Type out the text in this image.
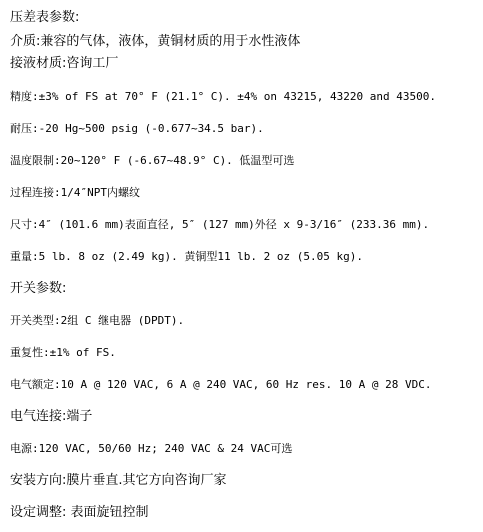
压差表参数:
介质:兼容的气体，液体，黄铜材质的用于水性液体
接液材质:咨询工厂
精度:±3% of FS at 70° F (21.1° C). ±4% on 43215, 43220 and 43500.
耐压:-20 Hg~500 psig (-0.677~34.5 bar).
温度限制:20~120° F (-6.67~48.9° C). 低温型可选
过程连接:1/4″NPT内螺纹
尺寸:4″ (101.6 mm)表面直径, 5″ (127 mm)外径 x 9-3/16″ (233.36 mm).
重量:5 lb. 8 oz (2.49 kg). 黄铜型11 lb. 2 oz (5.05 kg).
开关参数:
开关类型:2组 C 继电器 (DPDT).
重复性:±1% of FS.
电气额定:10 A @ 120 VAC, 6 A @ 240 VAC, 60 Hz res. 10 A @ 28 VDC.
电气连接:端子
电源:120 VAC, 50/60 Hz; 240 VAC & 24 VAC可选
安装方向:膜片垂直.其它方向咨询厂家
设定调整: 表面旋钮控制
